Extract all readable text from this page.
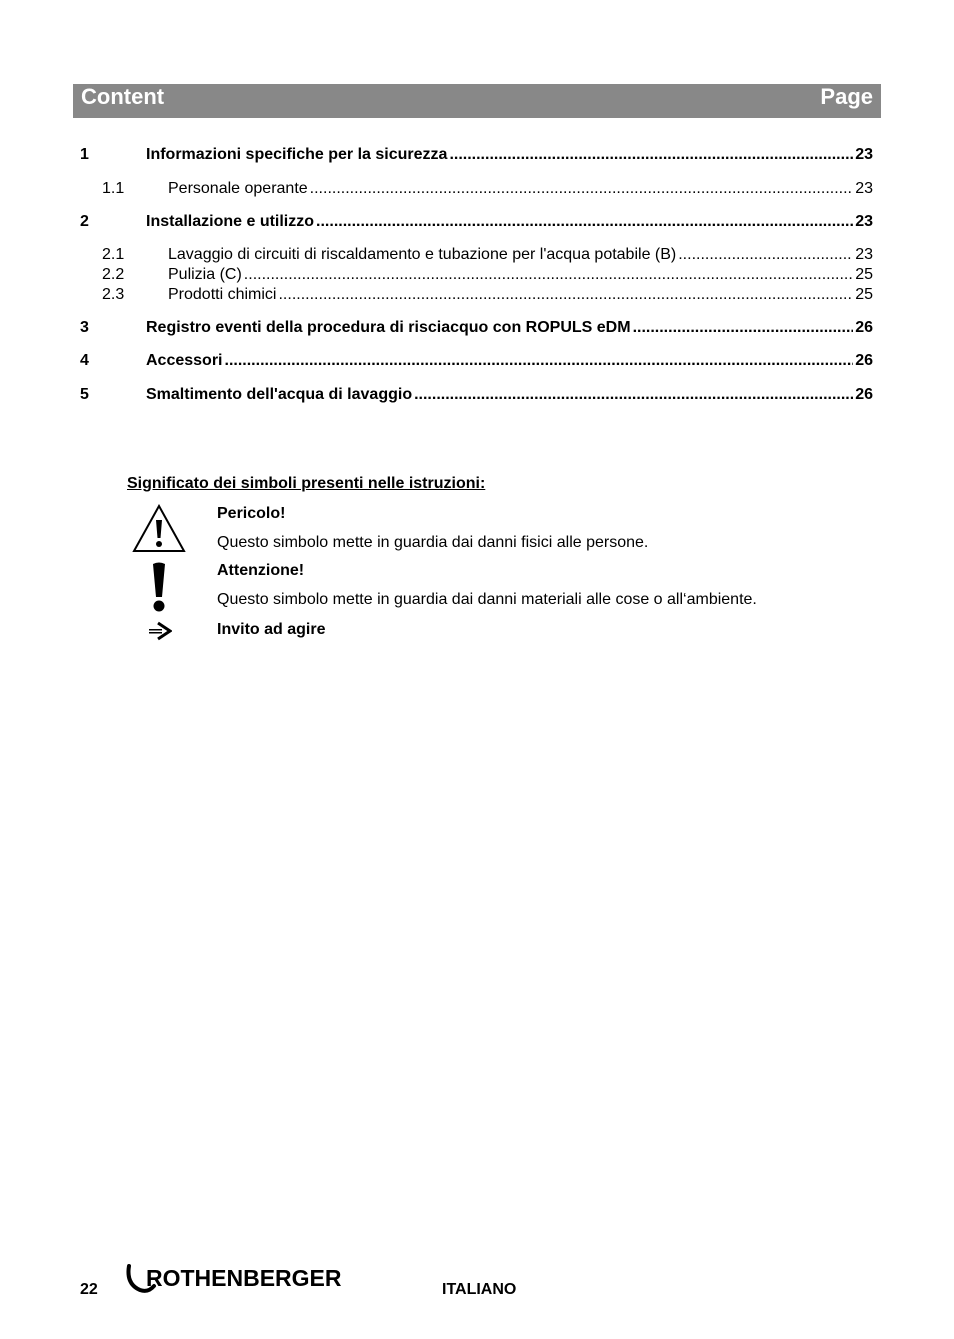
Content	Page
1	Informazioni specifiche per la sicurezza .....	23
1.1	Personale operante .....	23
2	Installazione e utilizzo .....	23
2.1	Lavaggio di circuiti di riscaldamento e tubazione per l'acqua potabile (B) .....	23
2.2	Pulizia (C) .....	25
2.3	Prodotti chimici .....	25
3	Registro eventi della procedura di risciacquo con ROPULS eDM .....	26
4	Accessori .....	26
5	Smaltimento dell'acqua di lavaggio .....	26
Significato dei simboli presenti nelle istruzioni:
Pericolo!
Questo simbolo mette in guardia dai danni fisici alle persone.
Attenzione!
Questo simbolo mette in guardia dai danni materiali alle cose o all‘ambiente.
Invito ad agire
22 ROTHENBERGER	ITALIANO
